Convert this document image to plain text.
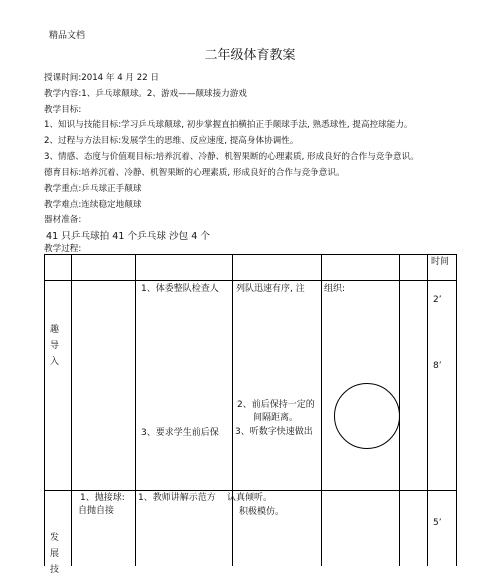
精品文档
二年级体育教案
授课时间:2014 年 4 月 22 日
教学内容:1、乒乓球颠球。2、游戏——颠球接力游戏
教学目标:
1、知识与技能目标:学习乒乓球颠球, 初步掌握直拍横拍正手颠球手法, 熟悉球性, 提高控球能力。
2、过程与方法目标:发展学生的思维、反应速度, 提高身体协调性。
3、情感、态度与价值观目标:培养沉着、冷静、机智果断的心理素质, 形成良好的合作与竞争意识。
德育目标:培养沉着、冷静、机智果断的心理素质, 形成良好的合作与竞争意识。
教学重点:乒乓球正手颠球
教学难点:连续稳定地颠球
器材准备:
41 只乒乓球拍 41 个乒乓球 沙包 4 个
教学过程:
时间
趣
导
入
1、体委整队检查人
3、要求学生前后保
列队迅速有序, 注
2、前后保持一定的
间隔距离。
3、听数字快速做出
组织:
2’
8’
发
展
技
1、抛接球:
自抛自接
1、教师讲解示范方 认真倾听。
积极模仿。
5’
